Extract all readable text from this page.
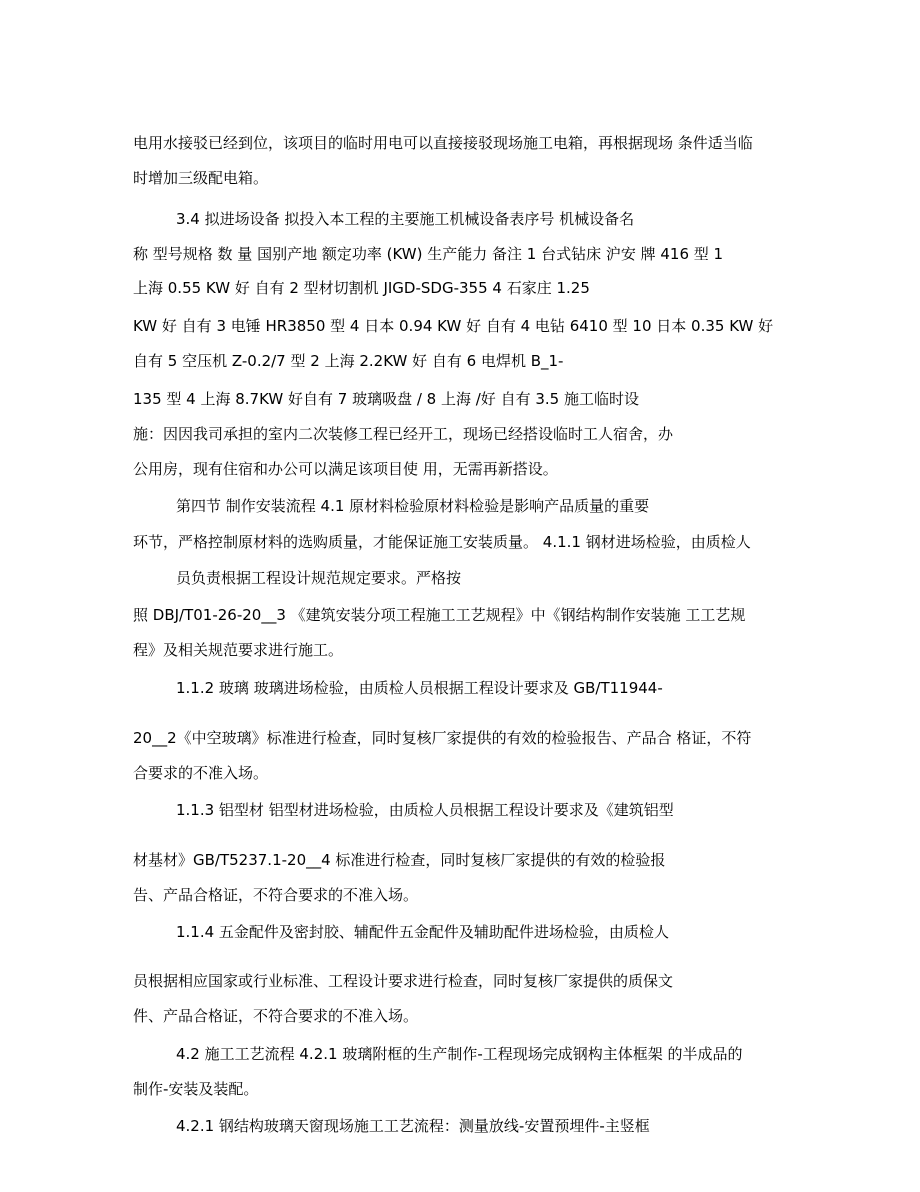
电用水接驳已经到位，该项目的临时用电可以直接接驳现场施工电箱，再根据现场 条件适当临
时增加三级配电箱。
3.4 拟进场设备 拟投入本工程的主要施工机械设备表序号 机械设备名
称 型号规格 数 量 国别产地 额定功率 (KW) 生产能力 备注 1 台式钻床 沪安 牌 416 型 1
上海 0.55 KW 好 自有 2 型材切割机 JIGD-SDG-355 4 石家庄 1.25
KW 好 自有 3 电锤 HR3850 型 4 日本 0.94 KW 好 自有 4 电钻 6410 型 10 日本 0.35 KW 好
自有 5 空压机 Z-0.2/7 型 2 上海 2.2KW 好 自有 6 电焊机 B_1-
135 型 4 上海 8.7KW 好自有 7 玻璃吸盘 / 8 上海 /好 自有 3.5 施工临时设
施：因因我司承担的室内二次装修工程已经开工，现场已经搭设临时工人宿舍，办
公用房，现有住宿和办公可以满足该项目使 用，无需再新搭设。
第四节 制作安装流程 4.1 原材料检验原材料检验是影响产品质量的重要
环节，严格控制原材料的选购质量，才能保证施工安装质量。 4.1.1 钢材进场检验，由质检人
员负责根据工程设计规范规定要求。严格按
照 DBJ/T01-26-20__3 《建筑安装分项工程施工工艺规程》中《钢结构制作安装施 工工艺规
程》及相关规范要求进行施工。
1.1.2 玻璃 玻璃进场检验，由质检人员根据工程设计要求及 GB/T11944-
20__2《中空玻璃》标准进行检查，同时复核厂家提供的有效的检验报告、产品合 格证，不符
合要求的不准入场。
1.1.3 铝型材 铝型材进场检验，由质检人员根据工程设计要求及《建筑铝型
材基材》GB/T5237.1-20__4 标准进行检查，同时复核厂家提供的有效的检验报
告、产品合格证，不符合要求的不准入场。
1.1.4 五金配件及密封胶、辅配件五金配件及辅助配件进场检验，由质检人
员根据相应国家或行业标准、工程设计要求进行检查，同时复核厂家提供的质保文
件、产品合格证，不符合要求的不准入场。
4.2 施工工艺流程 4.2.1 玻璃附框的生产制作-工程现场完成钢构主体框架 的半成品的
制作-安装及装配。
4.2.1 钢结构玻璃天窗现场施工工艺流程：测量放线-安置预埋件-主竖框
